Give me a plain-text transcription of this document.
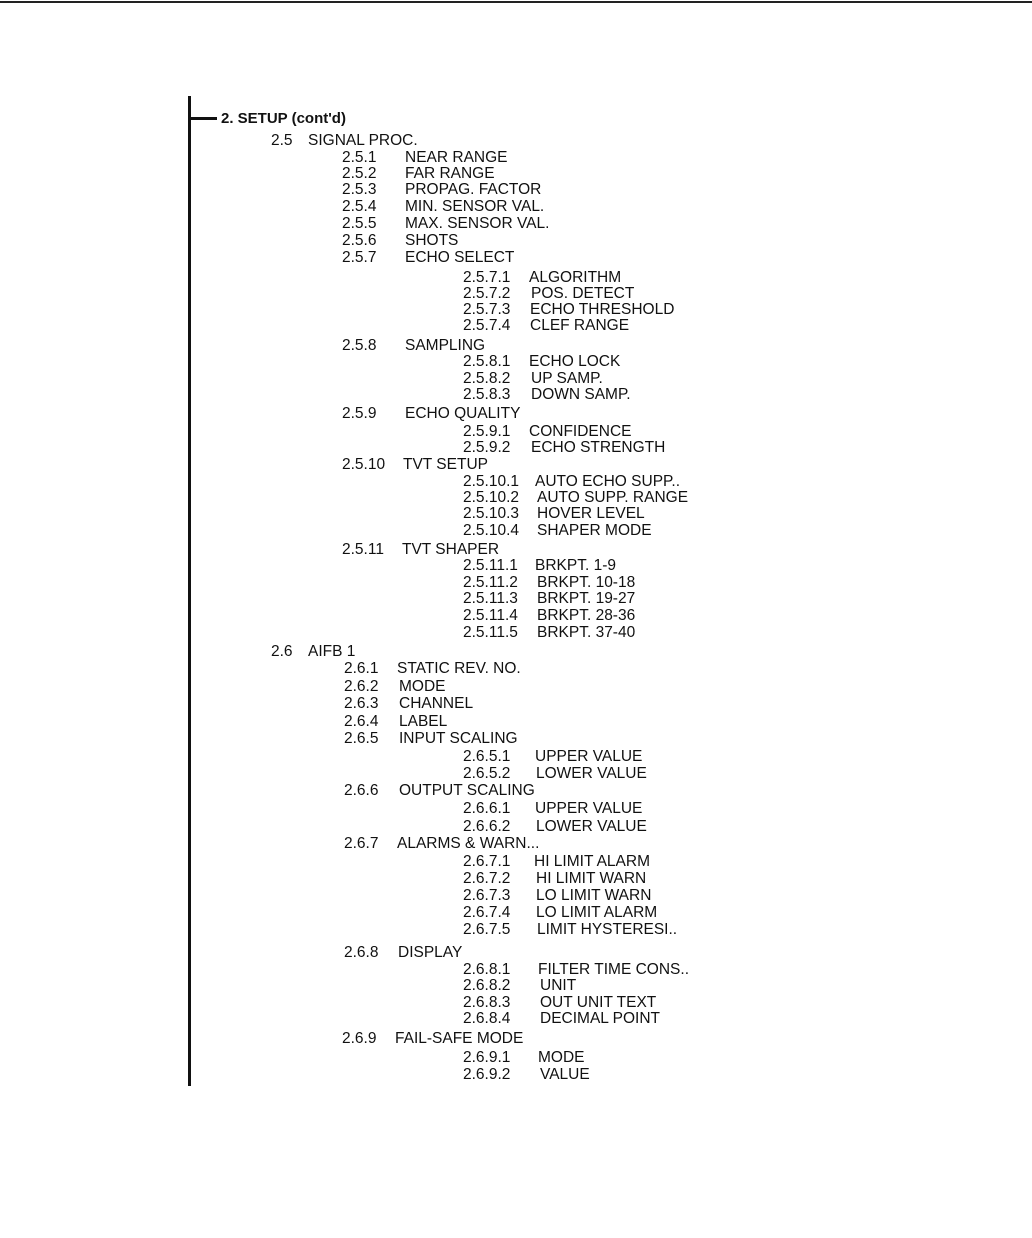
2. SETUP (cont'd)
2.5 SIGNAL PROC.
2.5.1 NEAR RANGE
2.5.2 FAR RANGE
2.5.3 PROPAG. FACTOR
2.5.4 MIN. SENSOR VAL.
2.5.5 MAX. SENSOR VAL.
2.5.6 SHOTS
2.5.7 ECHO SELECT
2.5.7.1 ALGORITHM
2.5.7.2 POS. DETECT
2.5.7.3 ECHO THRESHOLD
2.5.7.4 CLEF RANGE
2.5.8 SAMPLING
2.5.8.1 ECHO LOCK
2.5.8.2 UP SAMP.
2.5.8.3 DOWN SAMP.
2.5.9 ECHO QUALITY
2.5.9.1 CONFIDENCE
2.5.9.2 ECHO STRENGTH
2.5.10 TVT SETUP
2.5.10.1 AUTO ECHO SUPP..
2.5.10.2 AUTO SUPP. RANGE
2.5.10.3 HOVER LEVEL
2.5.10.4 SHAPER MODE
2.5.11 TVT SHAPER
2.5.11.1 BRKPT. 1-9
2.5.11.2 BRKPT. 10-18
2.5.11.3 BRKPT. 19-27
2.5.11.4 BRKPT. 28-36
2.5.11.5 BRKPT. 37-40
2.6 AIFB 1
2.6.1 STATIC REV. NO.
2.6.2 MODE
2.6.3 CHANNEL
2.6.4 LABEL
2.6.5 INPUT SCALING
2.6.5.1 UPPER VALUE
2.6.5.2 LOWER VALUE
2.6.6 OUTPUT SCALING
2.6.6.1 UPPER VALUE
2.6.6.2 LOWER VALUE
2.6.7 ALARMS & WARN...
2.6.7.1 HI LIMIT ALARM
2.6.7.2 HI LIMIT WARN
2.6.7.3 LO LIMIT WARN
2.6.7.4 LO LIMIT ALARM
2.6.7.5 LIMIT HYSTERESI..
2.6.8 DISPLAY
2.6.8.1 FILTER TIME CONS..
2.6.8.2 UNIT
2.6.8.3 OUT UNIT TEXT
2.6.8.4 DECIMAL POINT
2.6.9 FAIL-SAFE MODE
2.6.9.1 MODE
2.6.9.2 VALUE
